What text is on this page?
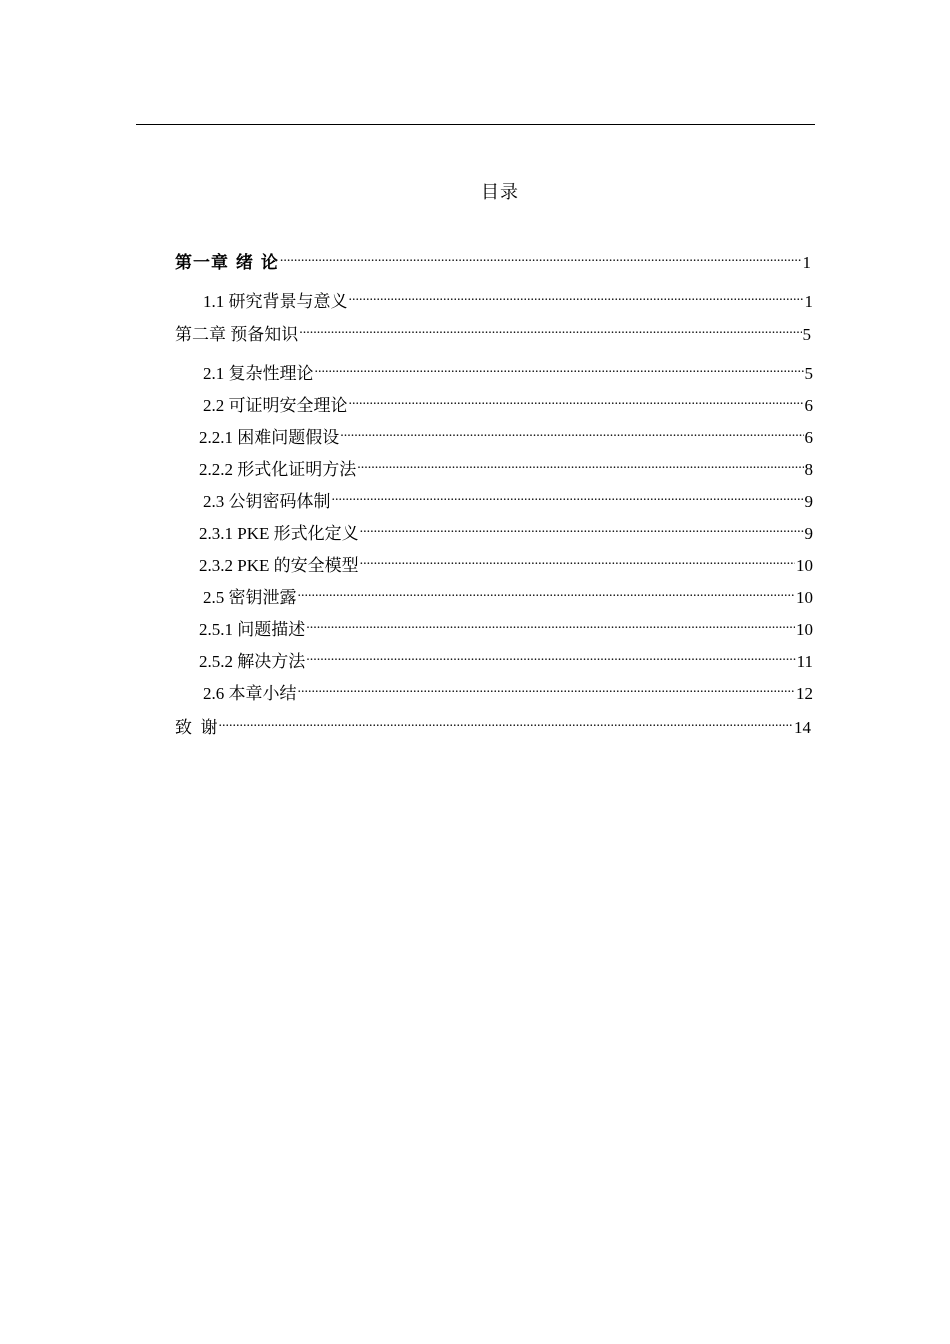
目录
第一章 绪 论 .....	1
1.1 研究背景与意义 .....	1
第二章 预备知识 .....	5
2.1 复杂性理论 .....	5
2.2 可证明安全理论 .....	6
2.2.1 困难问题假设 .....	6
2.2.2 形式化证明方法 .....	8
2.3 公钥密码体制 .....	9
2.3.1 PKE 形式化定义 .....	9
2.3.2 PKE 的安全模型 .....	10
2.5 密钥泄露 .....	10
2.5.1 问题描述 .....	10
2.5.2 解决方法 .....	11
2.6 本章小结 .....	12
致  谢 .....	14
